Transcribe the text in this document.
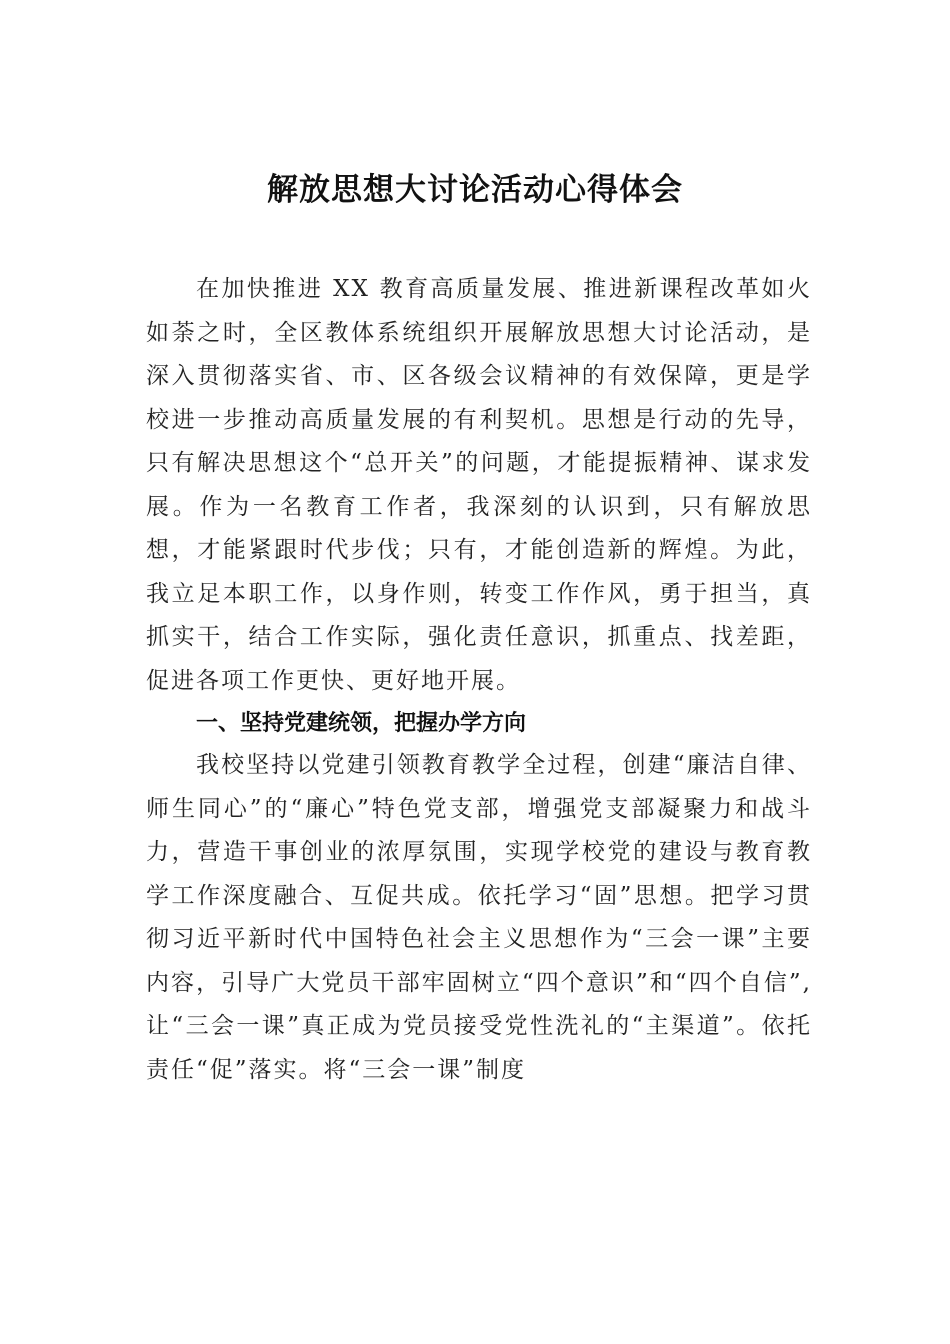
解放思想大讨论活动心得体会

在加快推进 XX 教育高质量发展、推进新课程改革如火如荼之时，全区教体系统组织开展解放思想大讨论活动，是深入贯彻落实省、市、区各级会议精神的有效保障，更是学校进一步推动高质量发展的有利契机。思想是行动的先导，只有解决思想这个“总开关”的问题，才能提振精神、谋求发展。作为一名教育工作者，我深刻的认识到，只有解放思想，才能紧跟时代步伐；只有，才能创造新的辉煌。为此，我立足本职工作，以身作则，转变工作作风，勇于担当，真抓实干，结合工作实际，强化责任意识，抓重点、找差距，促进各项工作更快、更好地开展。

一、坚持党建统领，把握办学方向

我校坚持以党建引领教育教学全过程，创建“廉洁自律、师生同心”的“廉心”特色党支部，增强党支部凝聚力和战斗力，营造干事创业的浓厚氛围，实现学校党的建设与教育教学工作深度融合、互促共成。依托学习“固”思想。把学习贯彻习近平新时代中国特色社会主义思想作为“三会一课”主要内容，引导广大党员干部牢固树立“四个意识”和“四个自信”,让“三会一课”真正成为党员接受党性洗礼的“主渠道”。依托责任“促”落实。将“三会一课”制度
